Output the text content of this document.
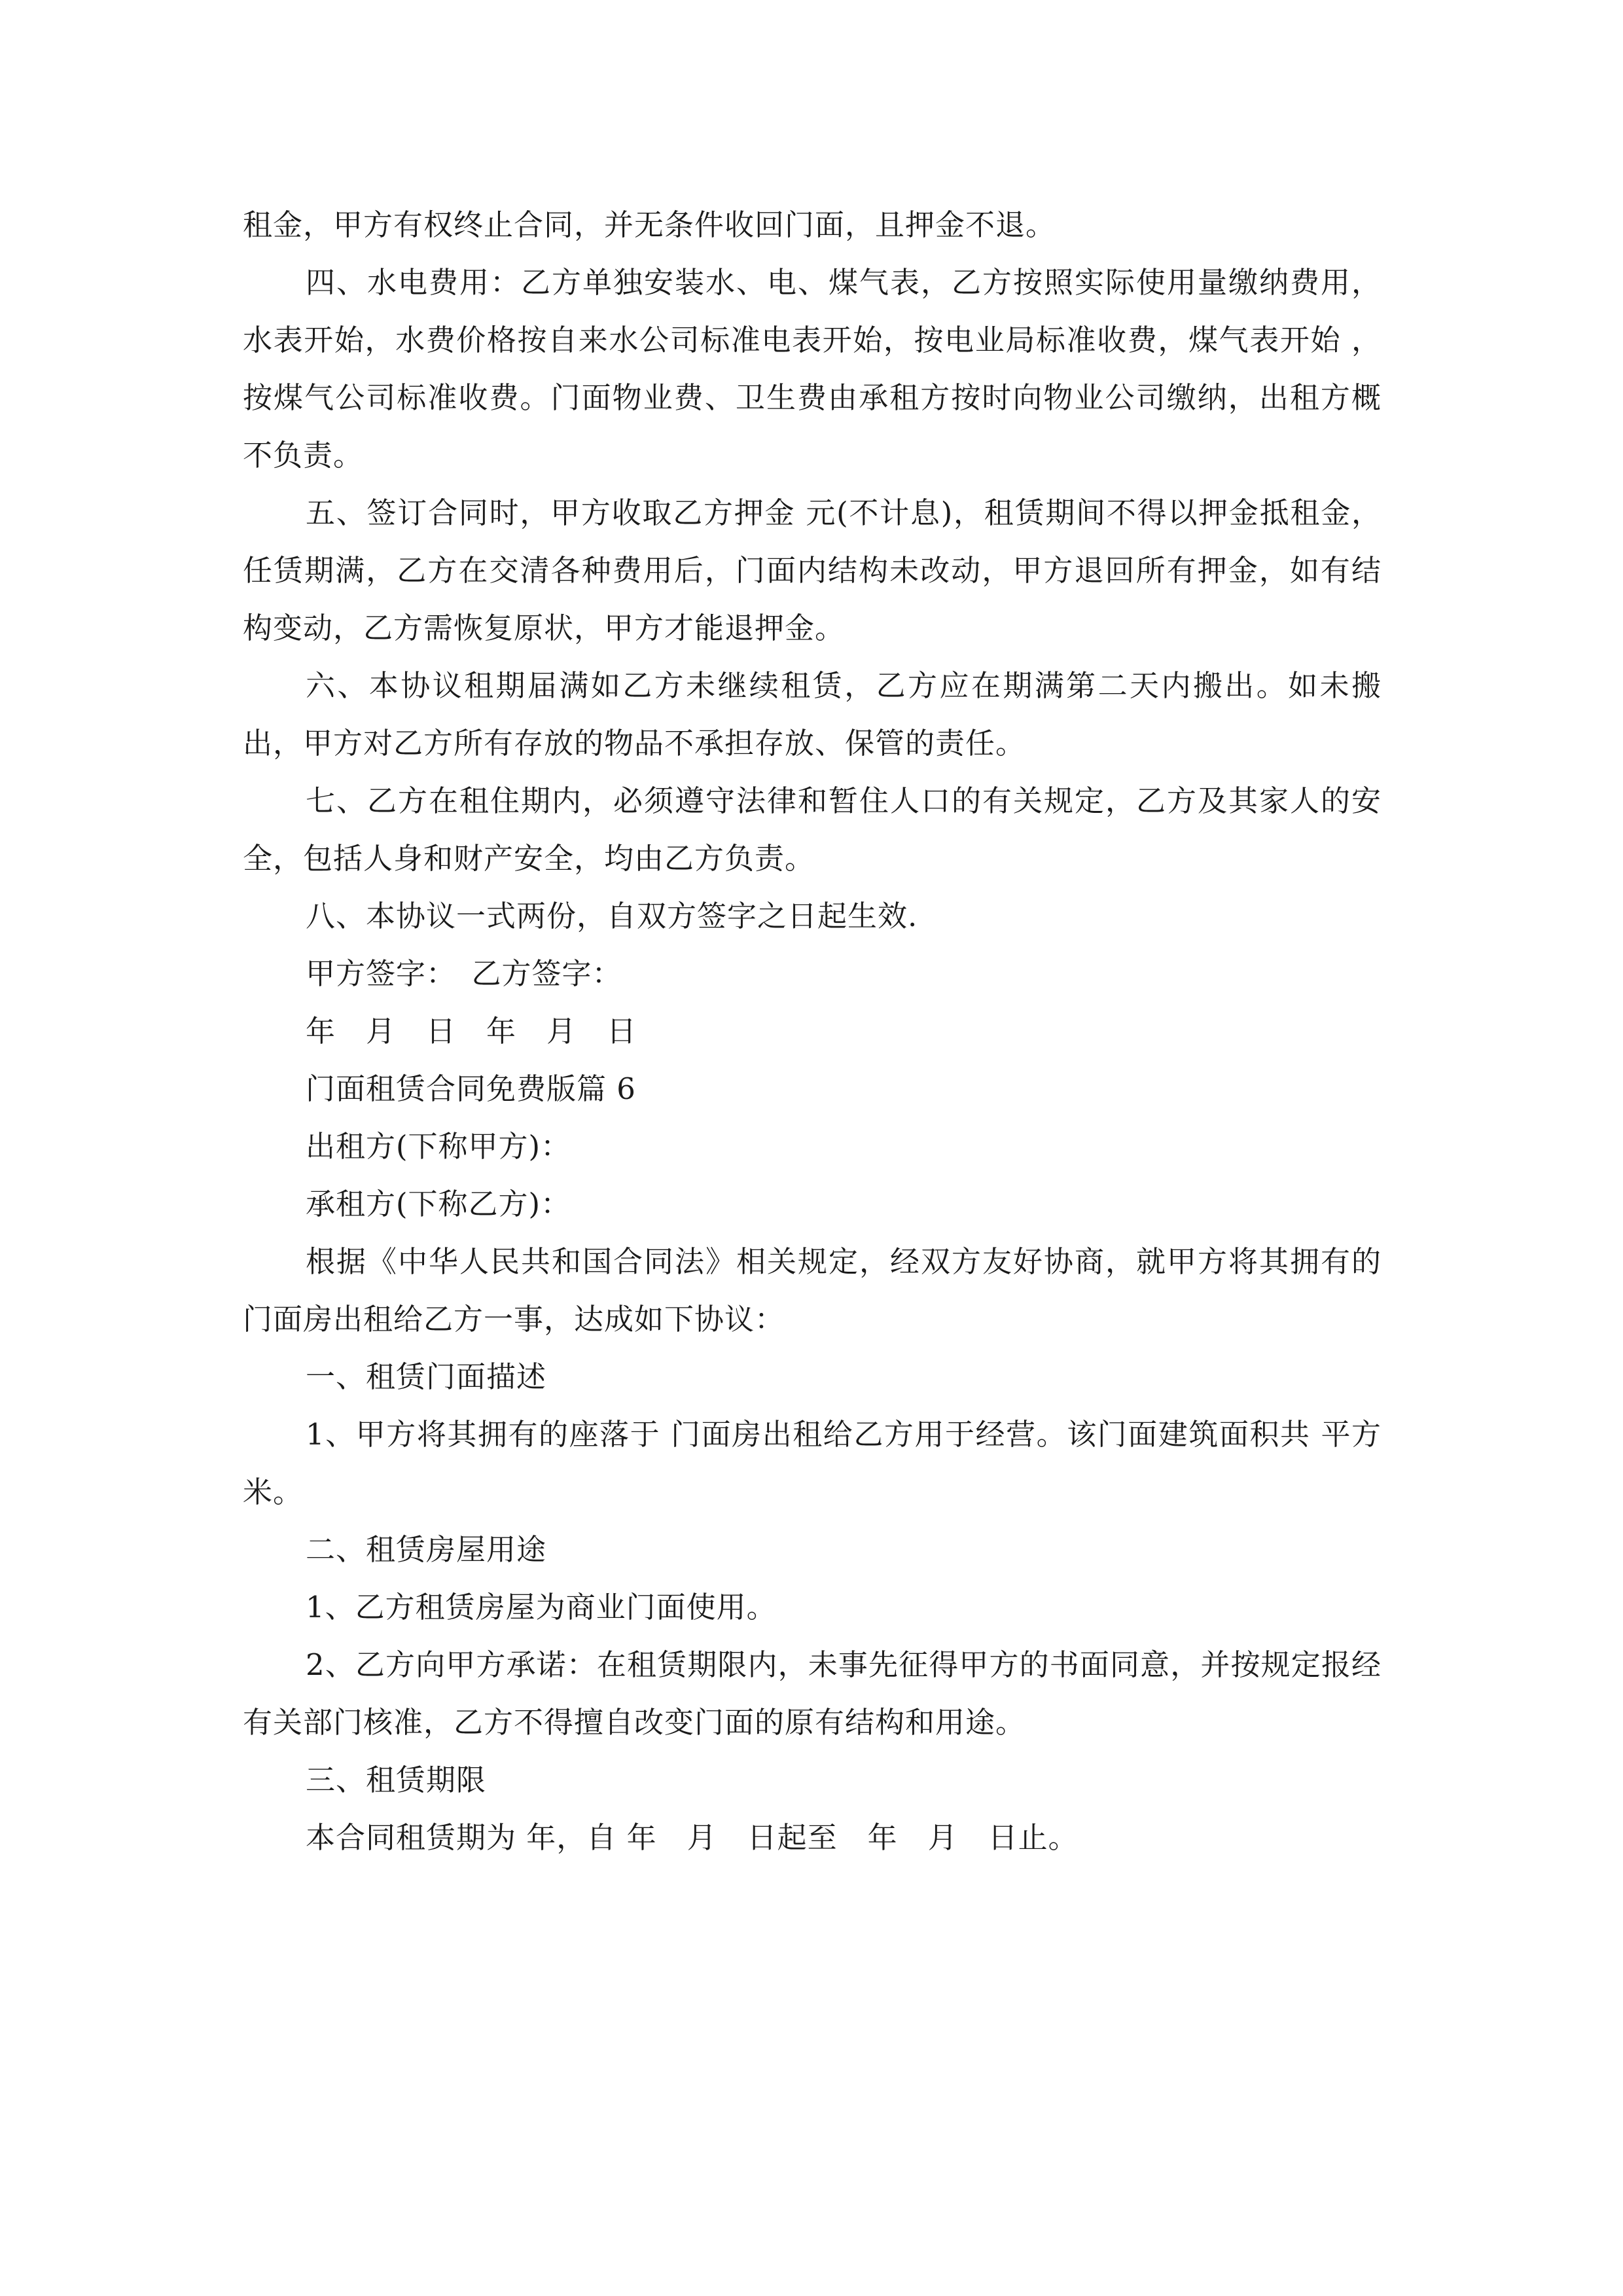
租金，甲方有权终止合同，并无条件收回门面，且押金不退。

四、水电费用：乙方单独安装水、电、煤气表，乙方按照实际使用量缴纳费用，水表开始，水费价格按自来水公司标准电表开始，按电业局标准收费，煤气表开始 ，按煤气公司标准收费。门面物业费、卫生费由承租方按时向物业公司缴纳，出租方概不负责。

五、签订合同时，甲方收取乙方押金 元(不计息)，租赁期间不得以押金抵租金，任赁期满，乙方在交清各种费用后，门面内结构未改动，甲方退回所有押金，如有结构变动，乙方需恢复原状，甲方才能退押金。

六、本协议租期届满如乙方未继续租赁，乙方应在期满第二天内搬出。如未搬出，甲方对乙方所有存放的物品不承担存放、保管的责任。

七、乙方在租住期内，必须遵守法律和暂住人口的有关规定，乙方及其家人的安全，包括人身和财产安全，均由乙方负责。

八、本协议一式两份，自双方签字之日起生效.

甲方签字：　乙方签字：

年　月　日　年　月　日

门面租赁合同免费版篇 6

出租方(下称甲方)：

承租方(下称乙方)：

根据《中华人民共和国合同法》相关规定，经双方友好协商，就甲方将其拥有的门面房出租给乙方一事，达成如下协议：

一、租赁门面描述

1、甲方将其拥有的座落于 门面房出租给乙方用于经营。该门面建筑面积共 平方米。

二、租赁房屋用途

1、乙方租赁房屋为商业门面使用。

2、乙方向甲方承诺：在租赁期限内，未事先征得甲方的书面同意，并按规定报经有关部门核准，乙方不得擅自改变门面的原有结构和用途。

三、租赁期限

本合同租赁期为 年，自 年　月　日起至　年　月　日止。
